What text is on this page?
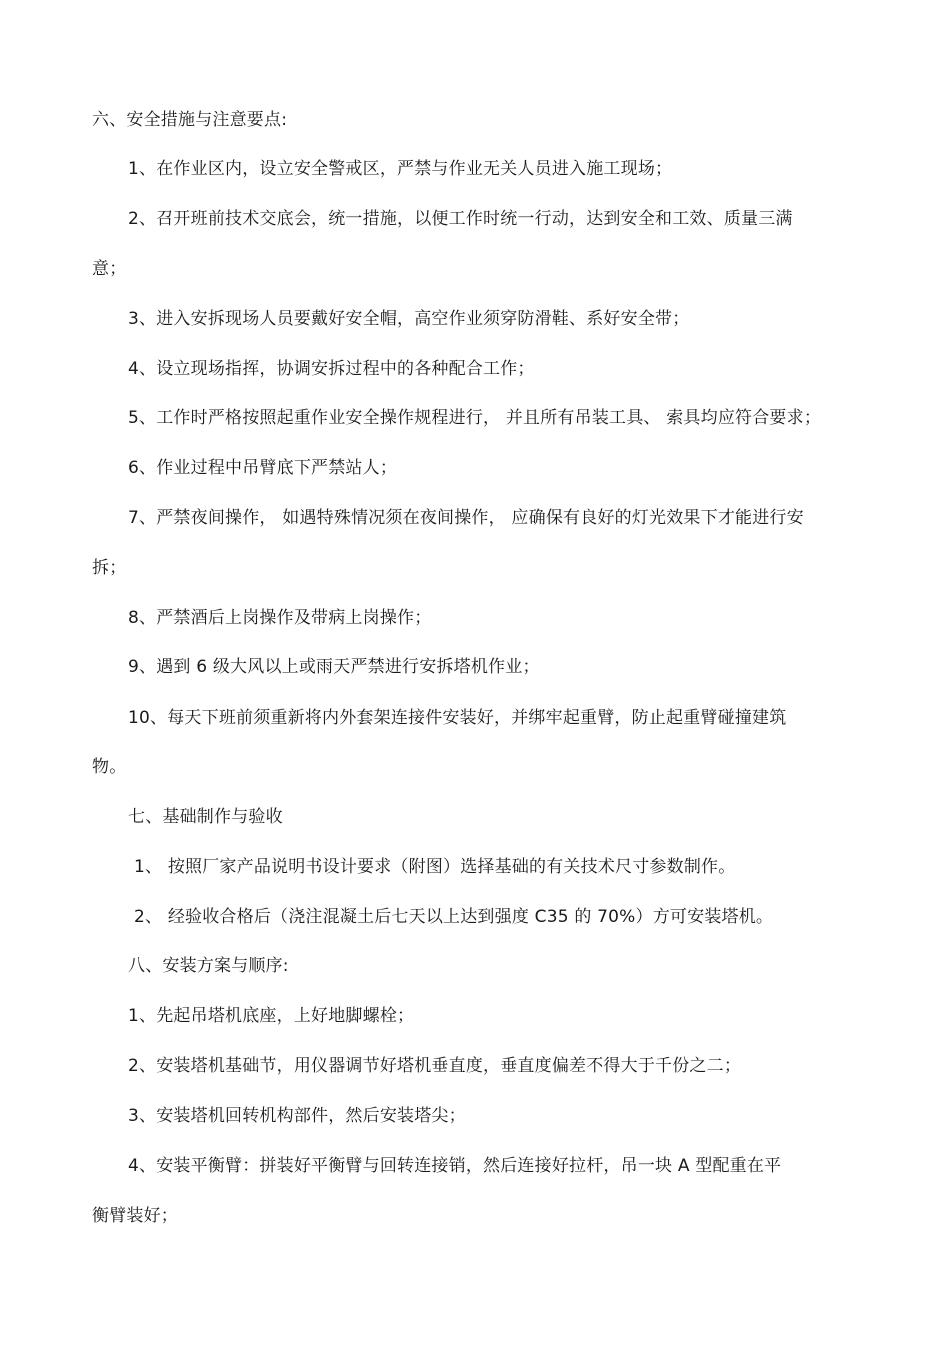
六、安全措施与注意要点:
1、在作业区内，设立安全警戒区，严禁与作业无关人员进入施工现场；
2、召开班前技术交底会，统一措施，以便工作时统一行动，达到安全和工效、质量三满
意；
3、进入安拆现场人员要戴好安全帽，高空作业须穿防滑鞋、系好安全带；
4、设立现场指挥，协调安拆过程中的各种配合工作；
5、工作时严格按照起重作业安全操作规程进行， 并且所有吊装工具、 索具均应符合要求；
6、作业过程中吊臂底下严禁站人；
7、严禁夜间操作， 如遇特殊情况须在夜间操作， 应确保有良好的灯光效果下才能进行安
拆；
8、严禁酒后上岗操作及带病上岗操作；
9、遇到 6 级大风以上或雨天严禁进行安拆塔机作业；
10、每天下班前须重新将内外套架连接件安装好，并绑牢起重臂，防止起重臂碰撞建筑
物。
七、基础制作与验收
1、 按照厂家产品说明书设计要求（附图）选择基础的有关技术尺寸参数制作。
2、 经验收合格后（浇注混凝土后七天以上达到强度 C35 的 70%）方可安装塔机。
八、安装方案与顺序:
1、先起吊塔机底座，上好地脚螺栓；
2、安装塔机基础节，用仪器调节好塔机垂直度，垂直度偏差不得大于千份之二；
3、安装塔机回转机构部件，然后安装塔尖；
4、安装平衡臂：拼装好平衡臂与回转连接销，然后连接好拉杆，吊一块 A 型配重在平
衡臂装好；
